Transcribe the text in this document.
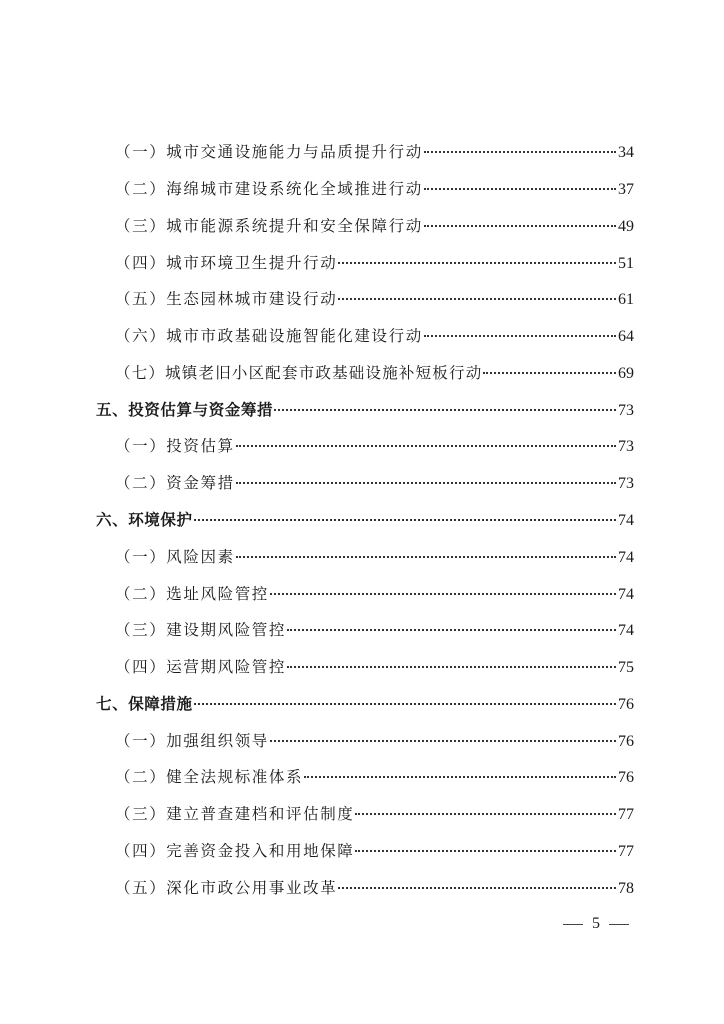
（一）城市交通设施能力与品质提升行动	34
（二）海绵城市建设系统化全域推进行动	37
（三）城市能源系统提升和安全保障行动	49
（四）城市环境卫生提升行动	51
（五）生态园林城市建设行动	61
（六）城市市政基础设施智能化建设行动	64
（七）城镇老旧小区配套市政基础设施补短板行动	69
五、投资估算与资金筹措	73
（一）投资估算	73
（二）资金筹措	73
六、环境保护	74
（一）风险因素	74
（二）选址风险管控	74
（三）建设期风险管控	74
（四）运营期风险管控	75
七、保障措施	76
（一）加强组织领导	76
（二）健全法规标准体系	76
（三）建立普查建档和评估制度	77
（四）完善资金投入和用地保障	77
（五）深化市政公用事业改革	78
5
